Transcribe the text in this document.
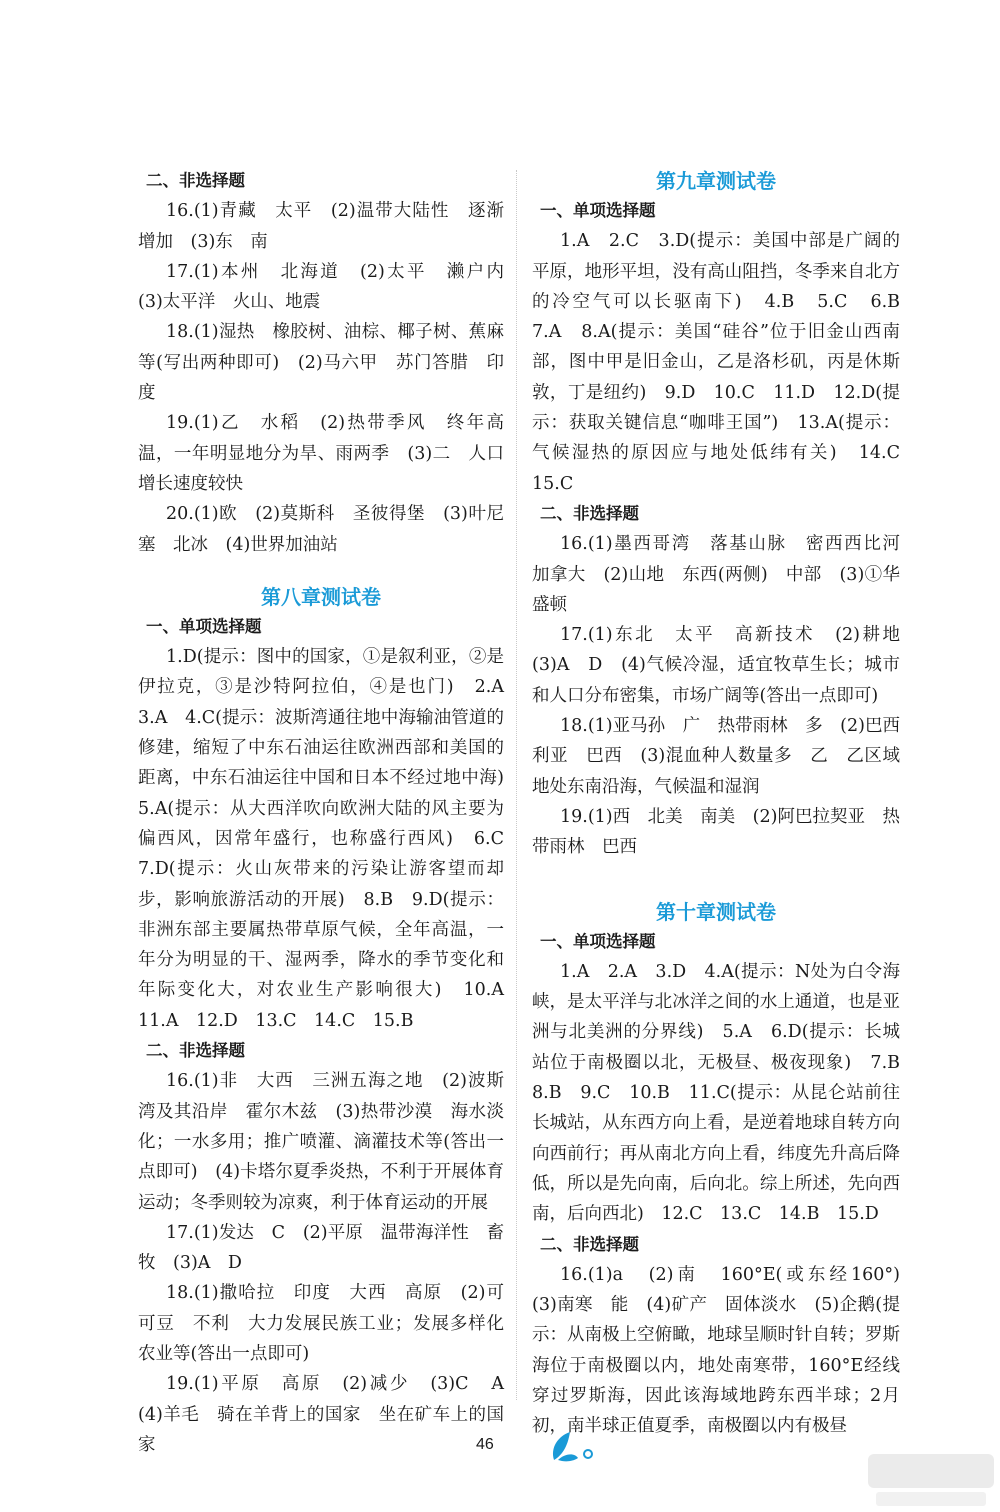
二、非选择题

16.(1)青藏　太平　(2)温带大陆性　逐渐增加　(3)东　南

17.(1)本州　北海道　(2)太平　濑户内　(3)太平洋　火山、地震

18.(1)湿热　橡胶树、油棕、椰子树、蕉麻等(写出两种即可)　(2)马六甲　苏门答腊　印度

19.(1)乙　水稻　(2)热带季风　终年高温，一年明显地分为旱、雨两季　(3)二　人口增长速度较快

20.(1)欧　(2)莫斯科　圣彼得堡　(3)叶尼塞　北冰　(4)世界加油站

第八章测试卷
一、单项选择题

1.D(提示：图中的国家，①是叙利亚，②是伊拉克，③是沙特阿拉伯，④是也门)　2.A　3.A　4.C(提示：波斯湾通往地中海输油管道的修建，缩短了中东石油运往欧洲西部和美国的距离，中东石油运往中国和日本不经过地中海)　5.A(提示：从大西洋吹向欧洲大陆的风主要为偏西风，因常年盛行，也称盛行西风)　6.C　7.D(提示：火山灰带来的污染让游客望而却步，影响旅游活动的开展)　8.B　9.D(提示：非洲东部主要属热带草原气候，全年高温，一年分为明显的干、湿两季，降水的季节变化和年际变化大，对农业生产影响很大)　10.A　11.A　12.D　13.C　14.C　15.B

二、非选择题

16.(1)非　大西　三洲五海之地　(2)波斯湾及其沿岸　霍尔木兹　(3)热带沙漠　海水淡化；一水多用；推广喷灌、滴灌技术等(答出一点即可)　(4)卡塔尔夏季炎热，不利于开展体育运动；冬季则较为凉爽，利于体育运动的开展

17.(1)发达　C　(2)平原　温带海洋性　畜牧　(3)A　D

18.(1)撒哈拉　印度　大西　高原　(2)可可豆　不利　大力发展民族工业；发展多样化农业等(答出一点即可)

19.(1)平原　高原　(2)减少　(3)C　A　(4)羊毛　骑在羊背上的国家　坐在矿车上的国家

第九章测试卷
一、单项选择题

1.A　2.C　3.D(提示：美国中部是广阔的平原，地形平坦，没有高山阻挡，冬季来自北方的冷空气可以长驱南下)　4.B　5.C　6.B　7.A　8.A(提示：美国“硅谷”位于旧金山西南部，图中甲是旧金山，乙是洛杉矶，丙是休斯敦，丁是纽约)　9.D　10.C　11.D　12.D(提示：获取关键信息“咖啡王国”)　13.A(提示：气候湿热的原因应与地处低纬有关)　14.C　15.C

二、非选择题

16.(1)墨西哥湾　落基山脉　密西西比河　加拿大　(2)山地　东西(两侧)　中部　(3)①华盛顿

17.(1)东北　太平　高新技术　(2)耕地　(3)A　D　(4)气候冷湿，适宜牧草生长；城市和人口分布密集，市场广阔等(答出一点即可)

18.(1)亚马孙　广　热带雨林　多　(2)巴西利亚　巴西　(3)混血种人数量多　乙　乙区域地处东南沿海，气候温和湿润

19.(1)西　北美　南美　(2)阿巴拉契亚　热带雨林　巴西

第十章测试卷
一、单项选择题

1.A　2.A　3.D　4.A(提示：N处为白令海峡，是太平洋与北冰洋之间的水上通道，也是亚洲与北美洲的分界线)　5.A　6.D(提示：长城站位于南极圈以北，无极昼、极夜现象)　7.B　8.B　9.C　10.B　11.C(提示：从昆仑站前往长城站，从东西方向上看，是逆着地球自转方向向西前行；再从南北方向上看，纬度先升高后降低，所以是先向南，后向北。综上所述，先向西南，后向西北)　12.C　13.C　14.B　15.D

二、非选择题

16.(1)a　(2)南　160°E(或东经160°)　(3)南寒　能　(4)矿产　固体淡水　(5)企鹅(提示：从南极上空俯瞰，地球呈顺时针自转；罗斯海位于南极圈以内，地处南寒带，160°E经线穿过罗斯海，因此该海域地跨东西半球；2月初，南半球正值夏季，南极圈以内有极昼

46
